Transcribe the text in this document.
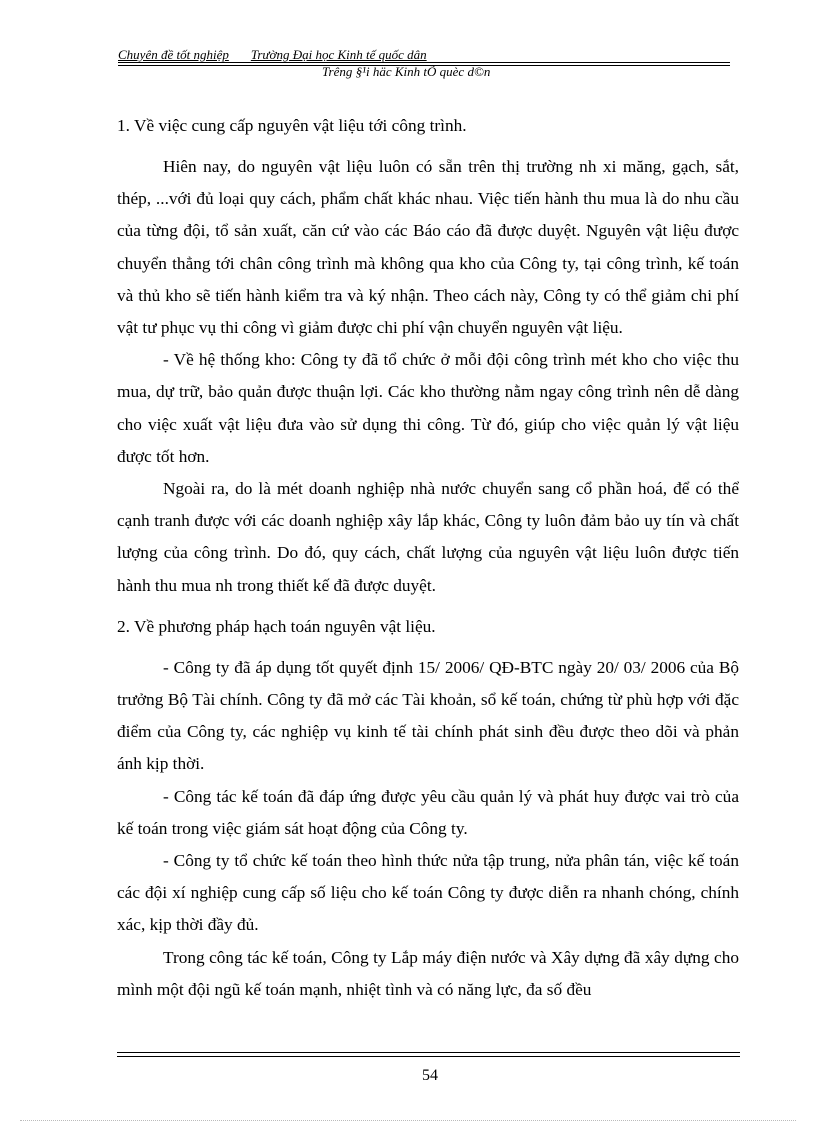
Chuyên đề tốt nghiệp Trường Đại học Kinh tế quốc dân
Trêng §¹i häc Kinh tÕ quèc d©n

1. Về việc cung cấp nguyên vật liệu tới công trình.

Hiên nay, do nguyên vật liệu luôn có sẵn trên thị trường nh xi măng, gạch, sắt, thép, ...với đủ loại quy cách, phẩm chất khác nhau. Việc tiến hành thu mua là do nhu cầu của từng đội, tổ sản xuất, căn cứ vào các Báo cáo đã được duyệt. Nguyên vật liệu được chuyển thẳng tới chân công trình mà không qua kho của Công ty, tại công trình, kế toán và thủ kho sẽ tiến hành kiểm tra và ký nhận. Theo cách này, Công ty có thể giảm chi phí vật tư phục vụ thi công vì giảm được chi phí vận chuyển nguyên vật liệu.

- Về hệ thống kho: Công ty đã tổ chức ở mỗi đội công trình mét kho cho việc thu mua, dự trữ, bảo quản được thuận lợi. Các kho thường nằm ngay công trình nên dễ dàng cho việc xuất vật liệu đưa vào sử dụng thi công. Từ đó, giúp cho việc quản lý vật liệu được tốt hơn.

Ngoài ra, do là mét doanh nghiệp nhà nước chuyển sang cổ phần hoá, để có thể cạnh tranh được với các doanh nghiệp xây lắp khác, Công ty luôn đảm bảo uy tín và chất lượng của công trình. Do đó, quy cách, chất lượng của nguyên vật liệu luôn được tiến hành thu mua nh trong thiết kế đã được duyệt.

2. Về phương pháp hạch toán nguyên vật liệu.

- Công ty đã áp dụng tốt quyết định 15/ 2006/ QĐ-BTC ngày 20/ 03/ 2006 của Bộ trưởng Bộ Tài chính. Công ty đã mở các Tài khoản, sổ kế toán, chứng từ phù hợp với đặc điểm của Công ty, các nghiệp vụ kinh tế tài chính phát sinh đều được theo dõi và phản ánh kịp thời.

- Công tác kế toán đã đáp ứng được yêu cầu quản lý và phát huy được vai trò của kế toán trong việc giám sát hoạt động của Công ty.

- Công ty tổ chức kế toán theo hình thức nửa tập trung, nửa phân tán, việc kế toán các đội xí nghiệp cung cấp số liệu cho kế toán Công ty được diễn ra nhanh chóng, chính xác, kịp thời đầy đủ.

Trong công tác kế toán, Công ty Lắp máy điện nước và Xây dựng đã xây dựng cho mình một đội ngũ kế toán mạnh, nhiệt tình và có năng lực, đa số đều

54
